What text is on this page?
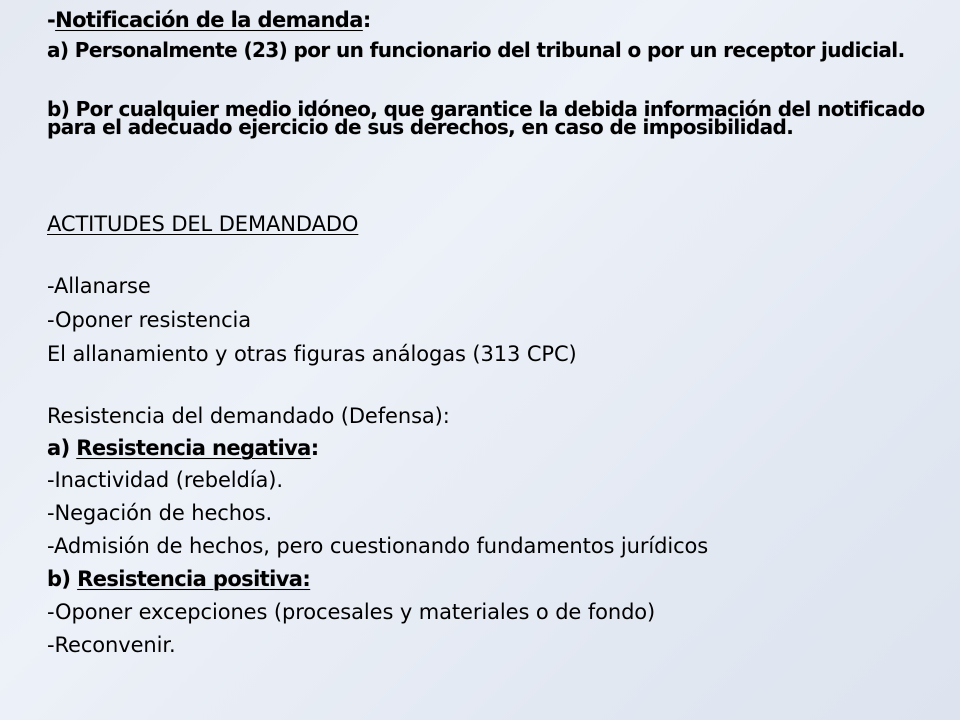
-Notificación de la demanda:
a) Personalmente (23) por un funcionario del tribunal o por un receptor judicial.
b) Por cualquier medio idóneo, que garantice la debida información del notificado para el adecuado ejercicio de sus derechos, en caso de imposibilidad.
ACTITUDES DEL DEMANDADO
-Allanarse
-Oponer resistencia
El allanamiento y otras figuras análogas (313 CPC)
Resistencia del demandado (Defensa):
a) Resistencia negativa:
-Inactividad (rebeldía).
-Negación de hechos.
-Admisión de hechos, pero cuestionando fundamentos jurídicos
b) Resistencia positiva:
-Oponer excepciones (procesales y materiales o de fondo)
-Reconvenir.
